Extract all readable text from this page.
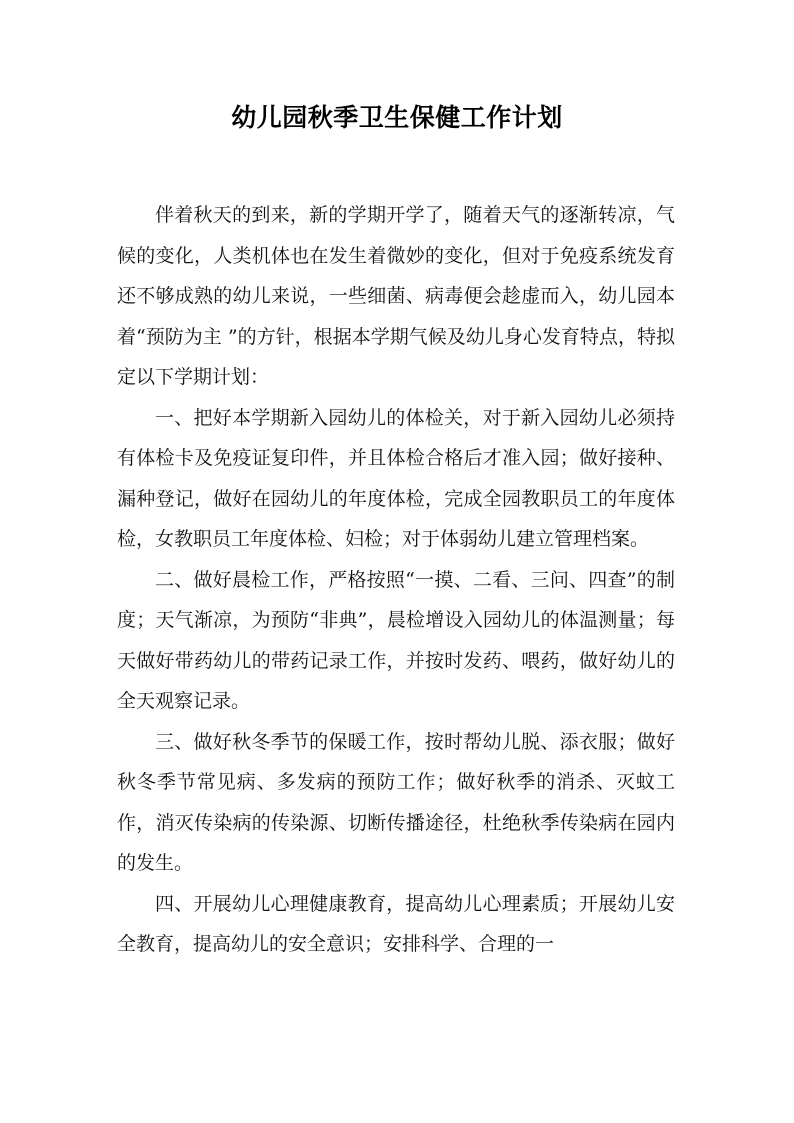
幼儿园秋季卫生保健工作计划

伴着秋天的到来，新的学期开学了，随着天气的逐渐转凉，气候的变化，人类机体也在发生着微妙的变化，但对于免疫系统发育还不够成熟的幼儿来说，一些细菌、病毒便会趁虚而入，幼儿园本着“预防为主 ”的方针，根据本学期气候及幼儿身心发育特点，特拟定以下学期计划：

一、把好本学期新入园幼儿的体检关，对于新入园幼儿必须持有体检卡及免疫证复印件，并且体检合格后才准入园；做好接种、漏种登记，做好在园幼儿的年度体检，完成全园教职员工的年度体检，女教职员工年度体检、妇检；对于体弱幼儿建立管理档案。

二、做好晨检工作，严格按照“一摸、二看、三问、四查”的制度；天气渐凉，为预防“非典”，晨检增设入园幼儿的体温测量；每天做好带药幼儿的带药记录工作，并按时发药、喂药，做好幼儿的全天观察记录。

三、做好秋冬季节的保暖工作，按时帮幼儿脱、添衣服；做好秋冬季节常见病、多发病的预防工作；做好秋季的消杀、灭蚊工作，消灭传染病的传染源、切断传播途径，杜绝秋季传染病在园内的发生。

四、开展幼儿心理健康教育，提高幼儿心理素质；开展幼儿安全教育，提高幼儿的安全意识；安排科学、合理的一
